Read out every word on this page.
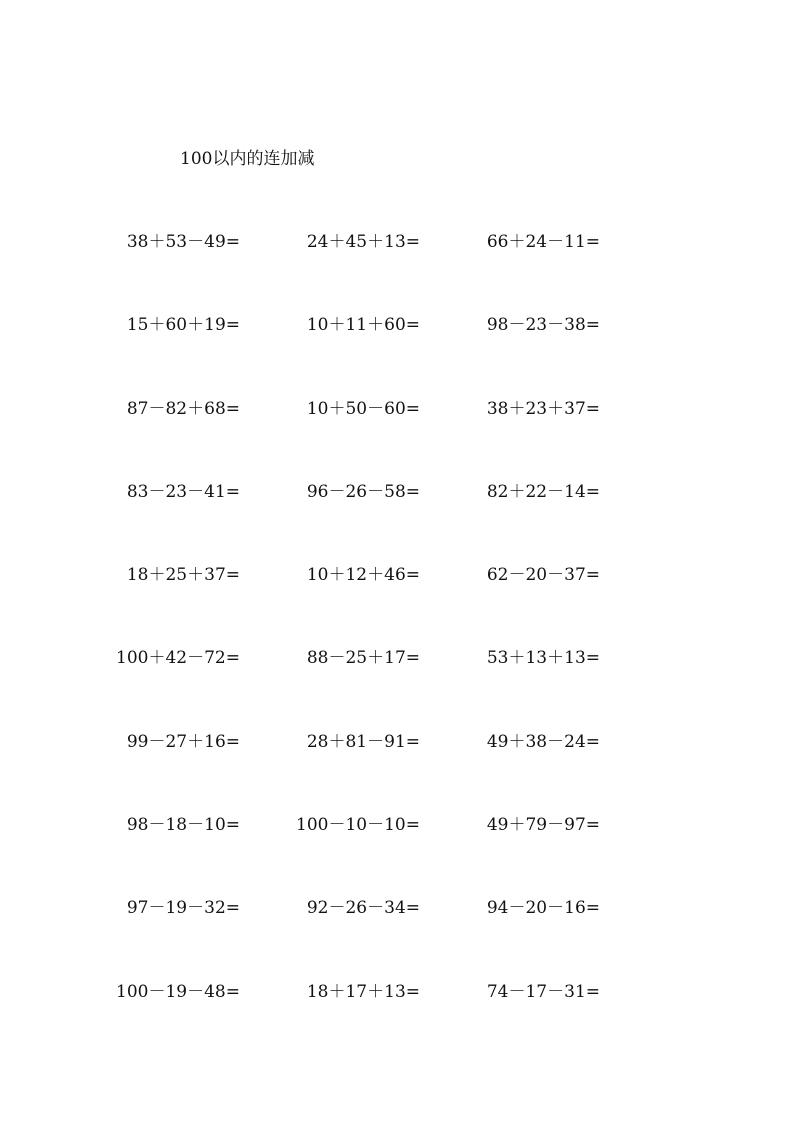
100以内的连加减
38＋53－49=	24＋45＋13=	66＋24－11=
15＋60＋19=	10＋11＋60=	98－23－38=
87－82＋68=	10＋50－60=	38＋23＋37=
83－23－41=	96－26－58=	82＋22－14=
18＋25＋37=	10＋12＋46=	62－20－37=
100＋42－72=	88－25＋17=	53＋13＋13=
99－27＋16=	28＋81－91=	49＋38－24=
98－18－10=	100－10－10=	49＋79－97=
97－19－32=	92－26－34=	94－20－16=
100－19－48=	18＋17＋13=	74－17－31=
